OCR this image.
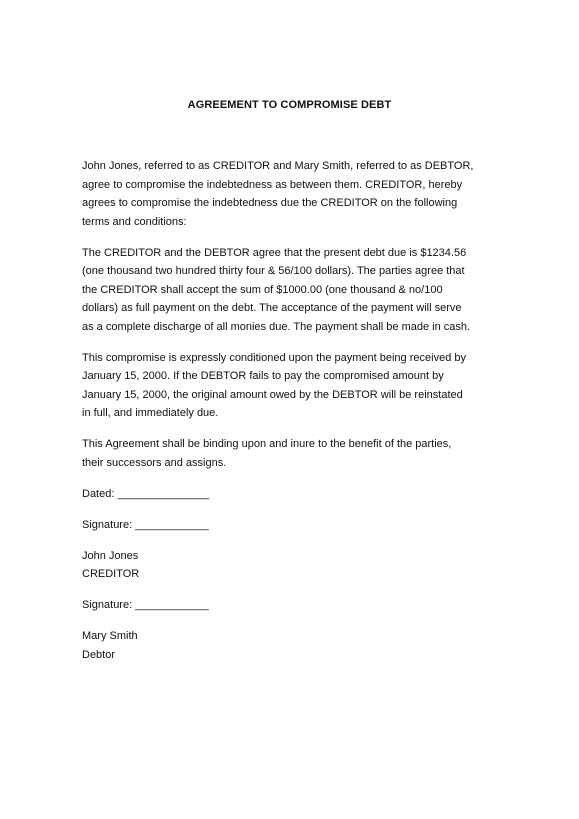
AGREEMENT TO COMPROMISE DEBT
John Jones, referred to as CREDITOR and Mary Smith, referred to as DEBTOR,
agree to compromise the indebtedness as between them. CREDITOR, hereby
agrees to compromise the indebtedness due the CREDITOR on the following
terms and conditions:
The CREDITOR and the DEBTOR agree that the present debt due is $1234.56
(one thousand two hundred thirty four & 56/100 dollars). The parties agree that
the CREDITOR shall accept the sum of $1000.00 (one thousand & no/100
dollars) as full payment on the debt. The acceptance of the payment will serve
as a complete discharge of all monies due. The payment shall be made in cash.
This compromise is expressly conditioned upon the payment being received by
January 15, 2000. If the DEBTOR fails to pay the compromised amount by
January 15, 2000, the original amount owed by the DEBTOR will be reinstated
in full, and immediately due.
This Agreement shall be binding upon and inure to the benefit of the parties,
their successors and assigns.
Dated: _______________
Signature: ____________
John Jones
CREDITOR
Signature: ____________
Mary Smith
Debtor
